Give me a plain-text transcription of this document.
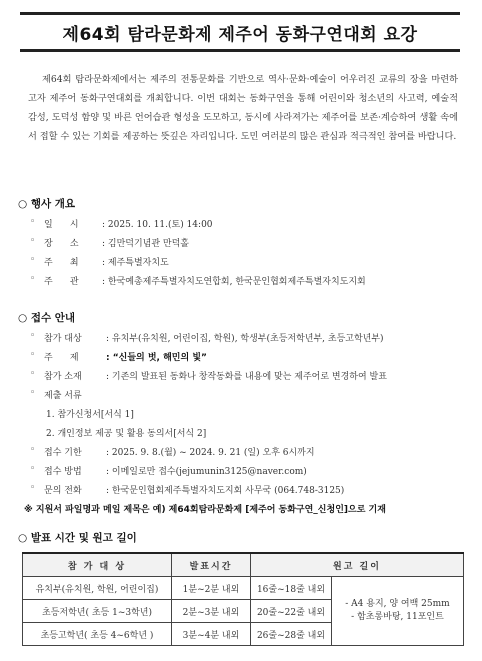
제64회 탐라문화제 제주어 동화구연대회 요강
제64회 탐라문화제에서는 제주의 전통문화를 기반으로 역사·문화·예술이 어우러진 교류의 장을 마련하고자 제주어 동화구연대회를 개최합니다. 이번 대회는 동화구연을 통해 어린이와 청소년의 사고력, 예술적 감성, 도덕성 함양 및 바른 언어습관 형성을 도모하고, 동시에 사라져가는 제주어를 보존·계승하여 생활 속에서 접할 수 있는 기회를 제공하는 뜻깊은 자리입니다. 도민 여러분의 많은 관심과 적극적인 참여를 바랍니다.
○ 행사 개요
◦ 일      시	: 2025. 10. 11.(토) 14:00
◦ 장      소	: 김만덕기념관 만덕홀
◦ 주      최	: 제주특별자치도
◦ 주      관	: 한국예총제주특별자치도연합회, 한국문인협회제주특별자치도지회
○ 접수 안내
◦ 참가 대상	: 유치부(유치원, 어린이집, 학원), 학생부(초등저학년부, 초등고학년부)
◦ 주      제	: “신들의 벗, 해민의 빛”
◦ 참가 소재	: 기존의 발표된 동화나 창작동화를 내용에 맞는 제주어로 변경하여 발표
◦ 제출 서류
1. 참가신청서[서식 1]
2. 개인정보 제공 및 활용 동의서[서식 2]
◦ 접수 기한	: 2025. 9. 8.(월) ~ 2024. 9. 21 (일) 오후 6시까지
◦ 접수 방법	: 이메일로만 접수(jejumunin3125@naver.com)
◦ 문의 전화	: 한국문인협회제주특별자치도지회 사무국 (064.748-3125)
※ 지원서 파일명과 메일 제목은 예) 제64회탐라문화제 [제주어 동화구연_신청인]으로 기재
○ 발표 시간 및 원고 길이
참 가 대 상	발표시간	원고 길이	
유치부(유치원, 학원, 어린이집)	1분~2분 내외	16줄~18줄 내외	- A4 용지, 양 여백 25mm
- 함초롱바탕, 11포인트

초등저학년( 초등 1~3학년)	2분~3분 내외	20줄~22줄 내외	
초등고학년( 초등 4~6학년 )	3분~4분 내외	26줄~28줄 내외	
